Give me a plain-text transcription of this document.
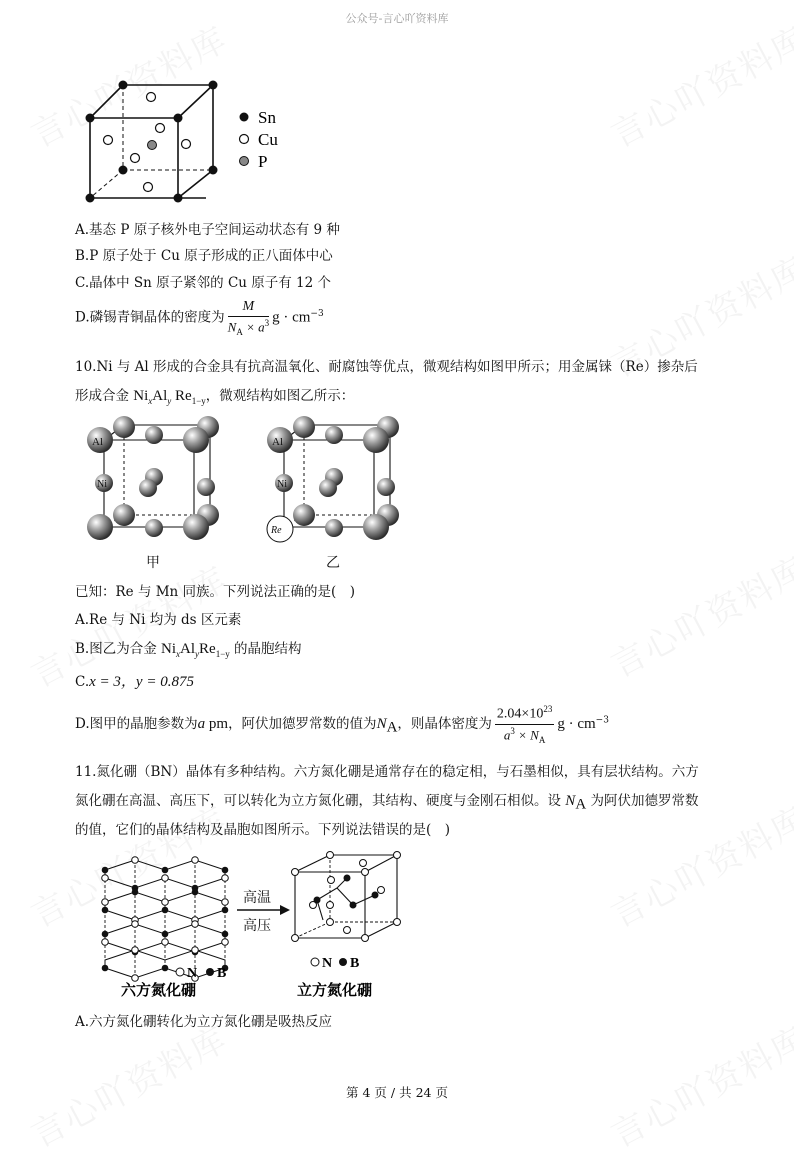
公众号-言心吖资料库
Sn
Cu
P
A.基态 P 原子核外电子空间运动状态有 9 种
B.P 原子处于 Cu 原子形成的正八面体中心
C.晶体中 Sn 原子紧邻的 Cu 原子有 12 个
D.磷锡青铜晶体的密度为 $\frac{M}{N_A \times a^3}$ $g \cdot cm^{-3}$
10.Ni 与 Al 形成的合金具有抗高温氧化、耐腐蚀等优点，微观结构如图甲所示；用金属铼（Re）掺杂后
形成合金 $Ni_xAl_y$ $Re_{1-y}$，微观结构如图乙所示：
Al
Ni
甲
Al
Ni
Re
乙
已知：Re 与 Mn 同族。下列说法正确的是(　)
A.Re 与 Ni 均为 ds 区元素
B.图乙为合金 $Ni_xAl_yRe_{1-y}$ 的晶胞结构
C.x = 3，y = 0.875
D.图甲的晶胞参数为a pm，阿伏加德罗常数的值为$N_A$，则晶体密度为 $\frac{2.04\times 10^{23}}{a^3 \times N_A}$ $g \cdot cm^{-3}$
11.氮化硼（BN）晶体有多种结构。六方氮化硼是通常存在的稳定相，与石墨相似，具有层状结构。六方
氮化硼在高温、高压下，可以转化为立方氮化硼，其结构、硬度与金刚石相似。设 $N_A$ 为阿伏加德罗常数
的值，它们的晶体结构及晶胞如图所示。下列说法错误的是(　)
高温
高压
N B
N B
六方氮化硼	立方氮化硼
A.六方氮化硼转化为立方氮化硼是吸热反应
第 4 页 / 共 24 页
